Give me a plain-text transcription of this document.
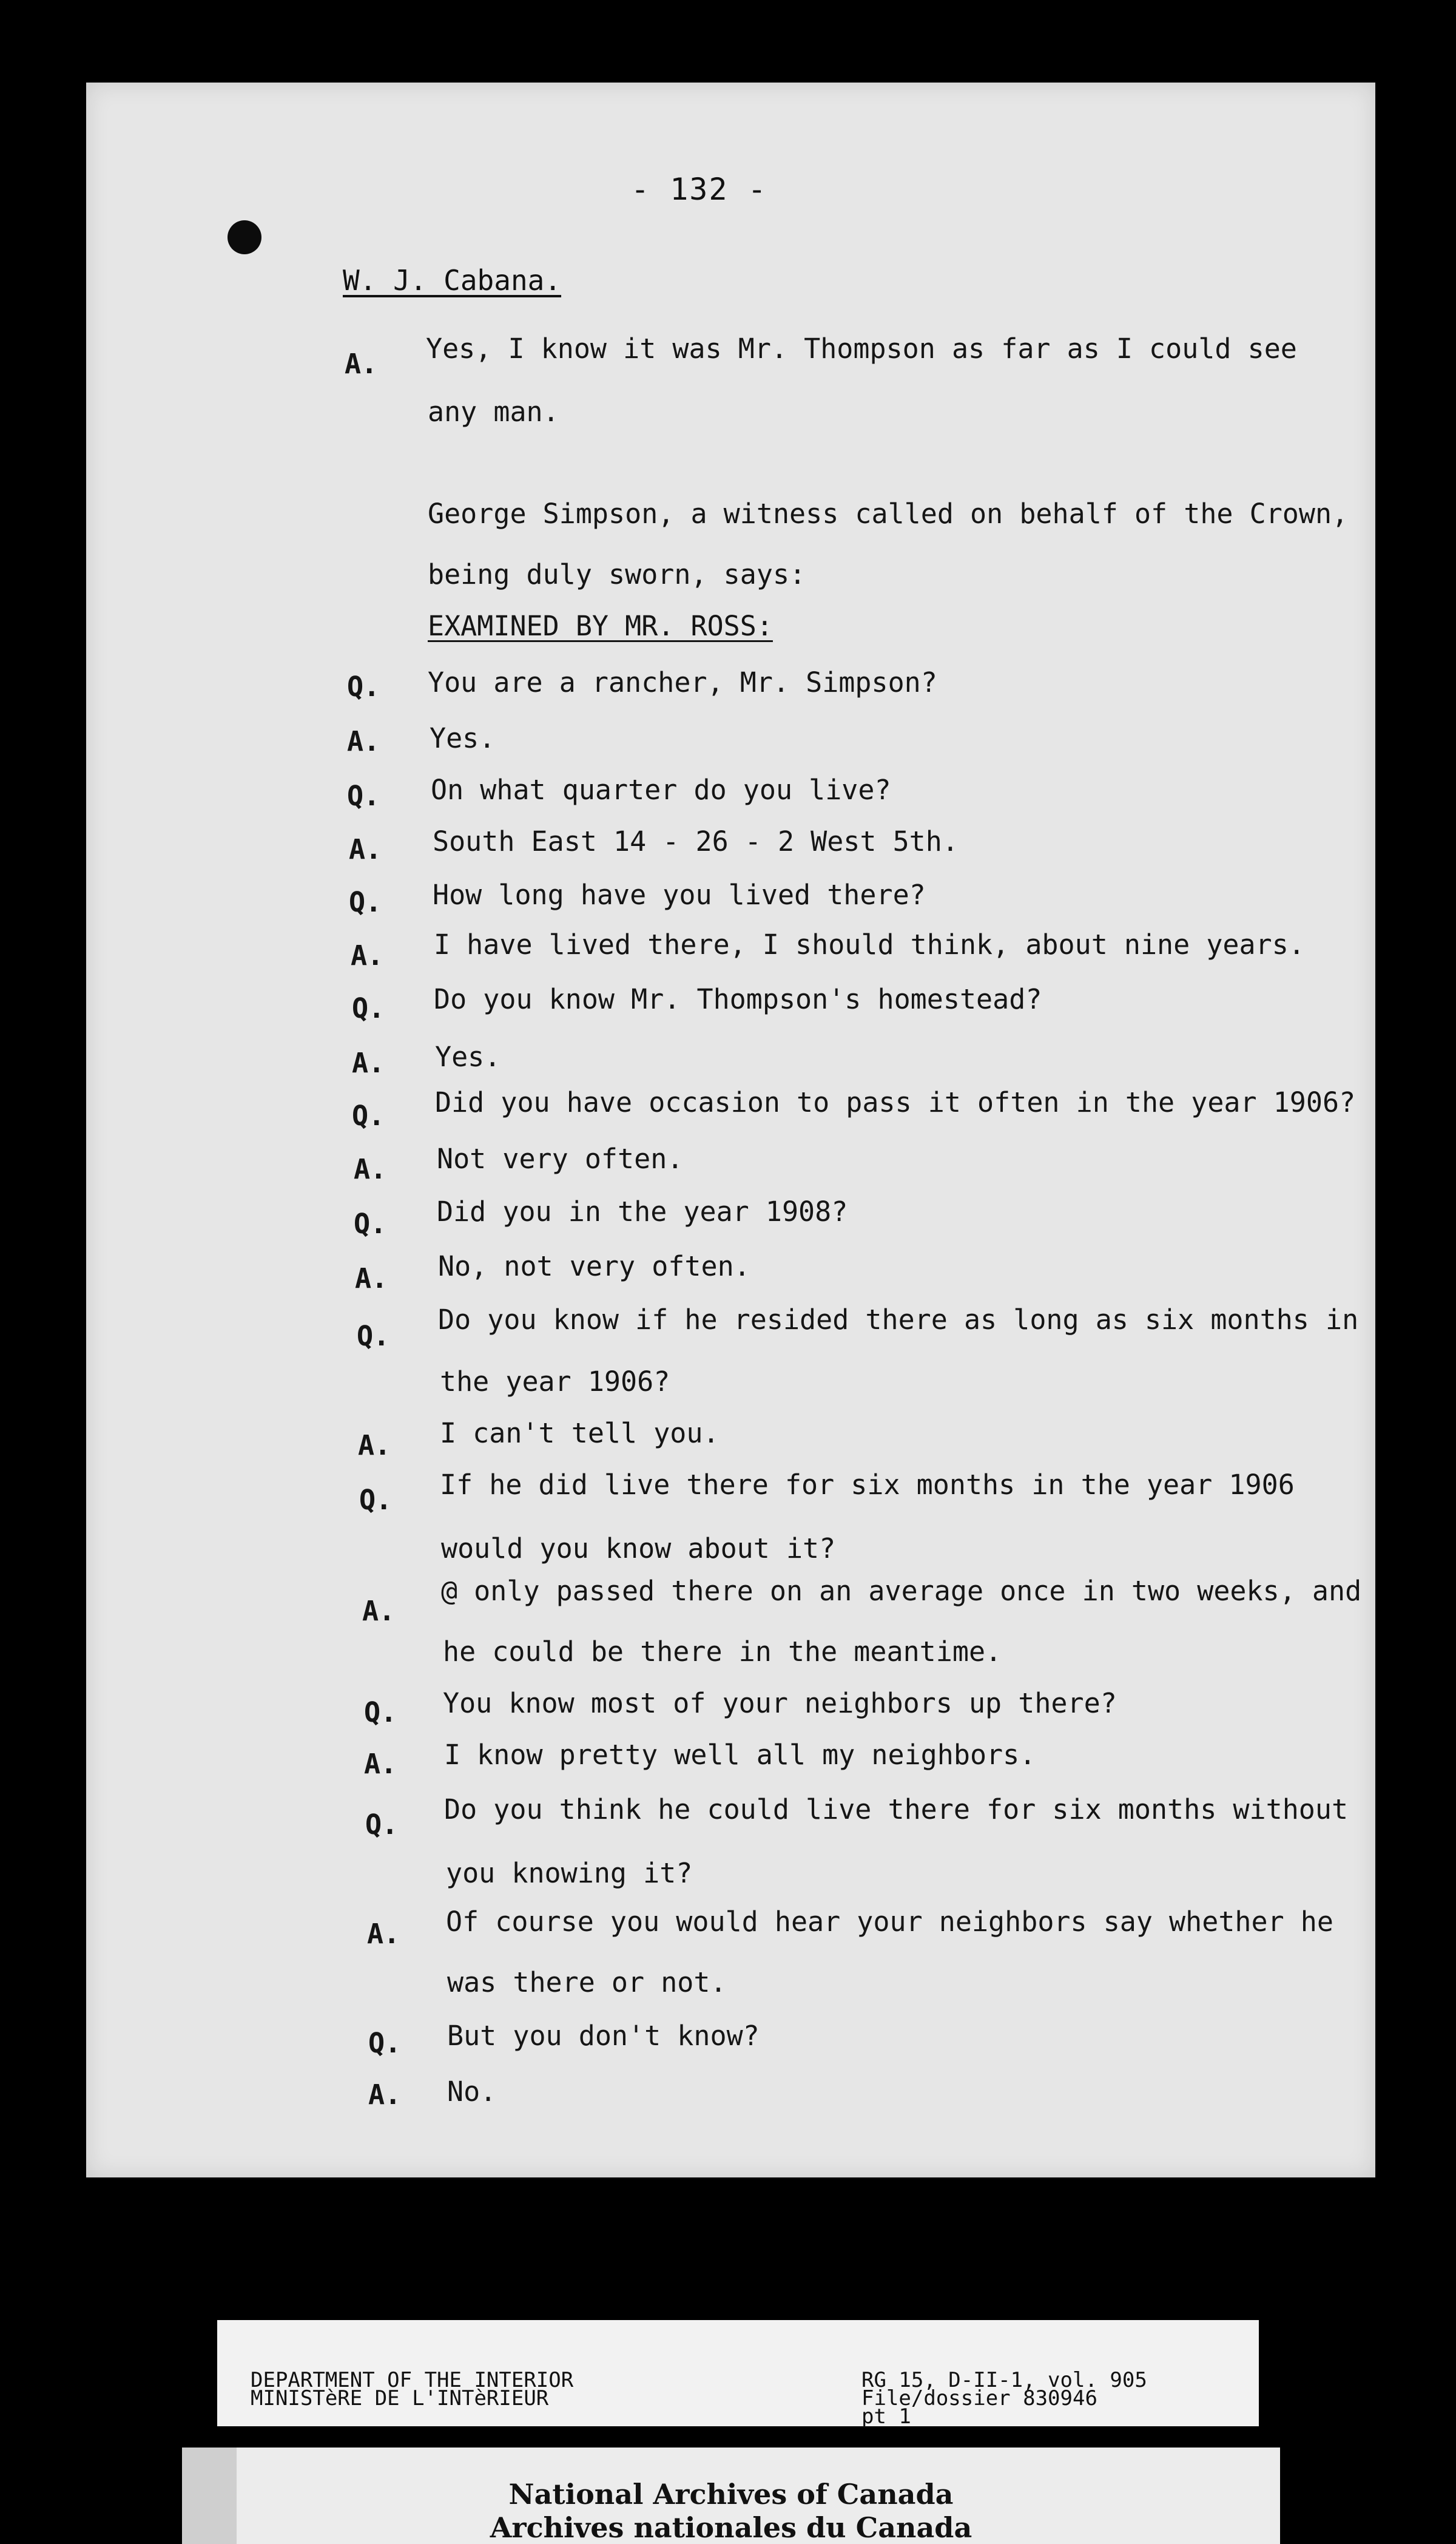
- 132 -
W. J. Cabana.
A. Yes, I know it was Mr. Thompson as far as I could see
any man.
George Simpson, a witness called on behalf of the Crown,
being duly sworn, says:
EXAMINED BY MR. ROSS:
Q. You are a rancher, Mr. Simpson?
A. Yes.
Q. On what quarter do you live?
A. South East 14 - 26 - 2 West 5th.
Q. How long have you lived there?
A. I have lived there, I should think, about nine years.
Q. Do you know Mr. Thompson's homestead?
A. Yes.
Q. Did you have occasion to pass it often in the year 1906?
A. Not very often.
Q. Did you in the year 1908?
A. No, not very often.
Q.
Do you know if he resided there as long as six months in
the year 1906?
A. I can't tell you.
Q. If he did live there for six months in the year 1906
would you know about it?
A.
@ only passed there on an average once in two weeks, and
he could be there in the meantime.
Q. You know most of your neighbors up there?
A. I know pretty well all my neighbors.
Q. Do you think he could live there for six months without
you knowing it?
A. Of course you would hear your neighbors say whether he
was there or not.
Q. But you don't know?
A. No.
DEPARTMENT OF THE INTERIOR
MINISTèRE DE L'INTèRIEUR
RG 15, D-II-1, vol. 905
File/dossier 830946
pt 1
National Archives of Canada
Archives nationales du Canada
